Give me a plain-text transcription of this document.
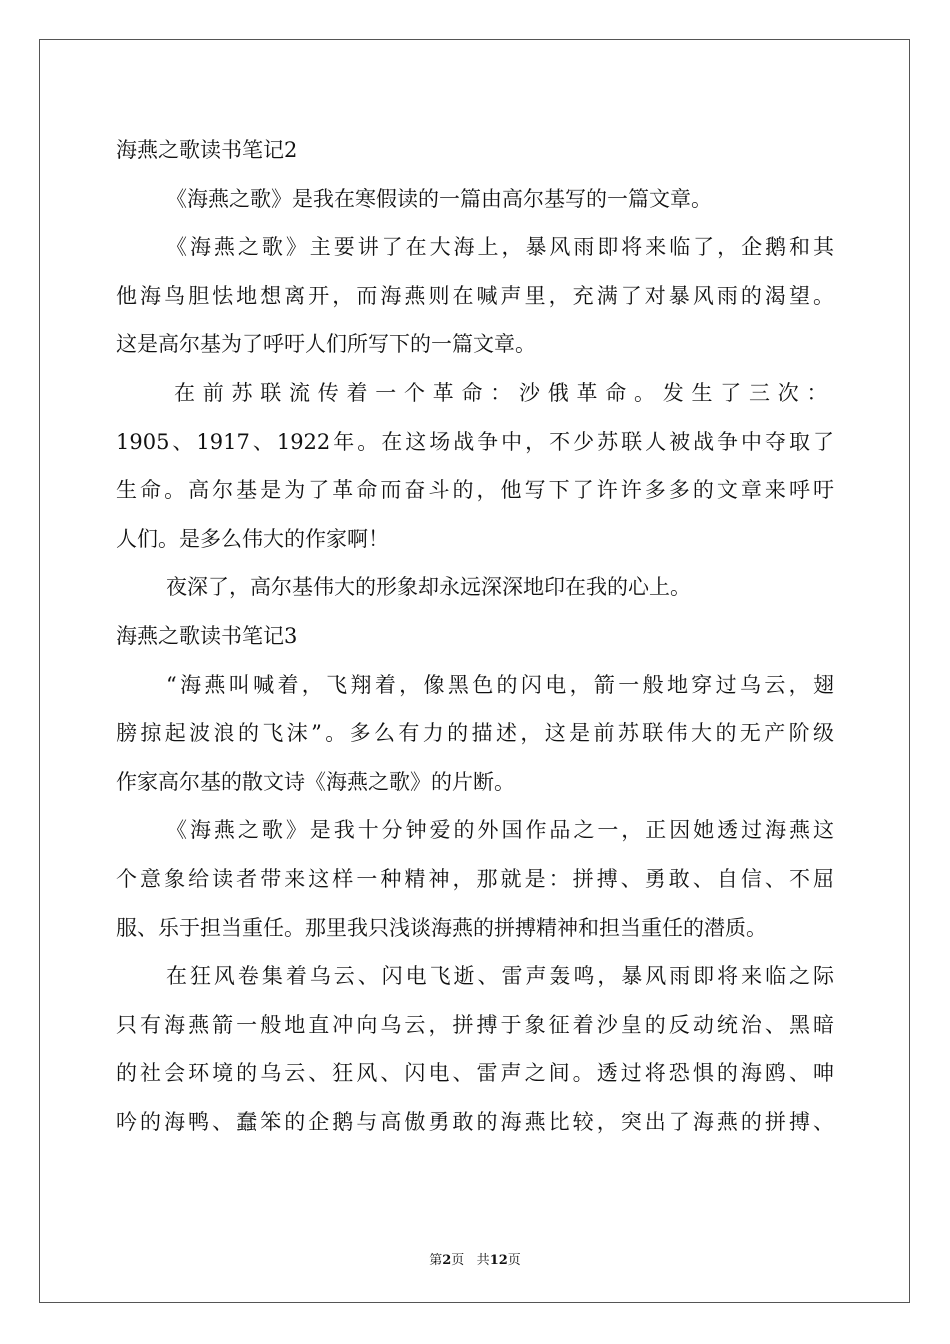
海燕之歌读书笔记2
《海燕之歌》是我在寒假读的一篇由高尔基写的一篇文章。
《海燕之歌》主要讲了在大海上，暴风雨即将来临了，企鹅和其
他海鸟胆怯地想离开，而海燕则在喊声里，充满了对暴风雨的渴望。
这是高尔基为了呼吁人们所写下的一篇文章。
在前苏联流传着一个革命：沙俄革命。发生了三次：
1905、1917、1922年。在这场战争中，不少苏联人被战争中夺取了
生命。高尔基是为了革命而奋斗的，他写下了许许多多的文章来呼吁
人们。是多么伟大的作家啊！
夜深了，高尔基伟大的形象却永远深深地印在我的心上。
海燕之歌读书笔记3
“海燕叫喊着，飞翔着，像黑色的闪电，箭一般地穿过乌云，翅
膀掠起波浪的飞沫”。多么有力的描述，这是前苏联伟大的无产阶级
作家高尔基的散文诗《海燕之歌》的片断。
《海燕之歌》是我十分钟爱的外国作品之一，正因她透过海燕这
个意象给读者带来这样一种精神，那就是：拼搏、勇敢、自信、不屈
服、乐于担当重任。那里我只浅谈海燕的拼搏精神和担当重任的潜质。
在狂风卷集着乌云、闪电飞逝、雷声轰鸣，暴风雨即将来临之际
只有海燕箭一般地直冲向乌云，拼搏于象征着沙皇的反动统治、黑暗
的社会环境的乌云、狂风、闪电、雷声之间。透过将恐惧的海鸥、呻
吟的海鸭、蠢笨的企鹅与高傲勇敢的海燕比较，突出了海燕的拼搏、
第2页 共12页
